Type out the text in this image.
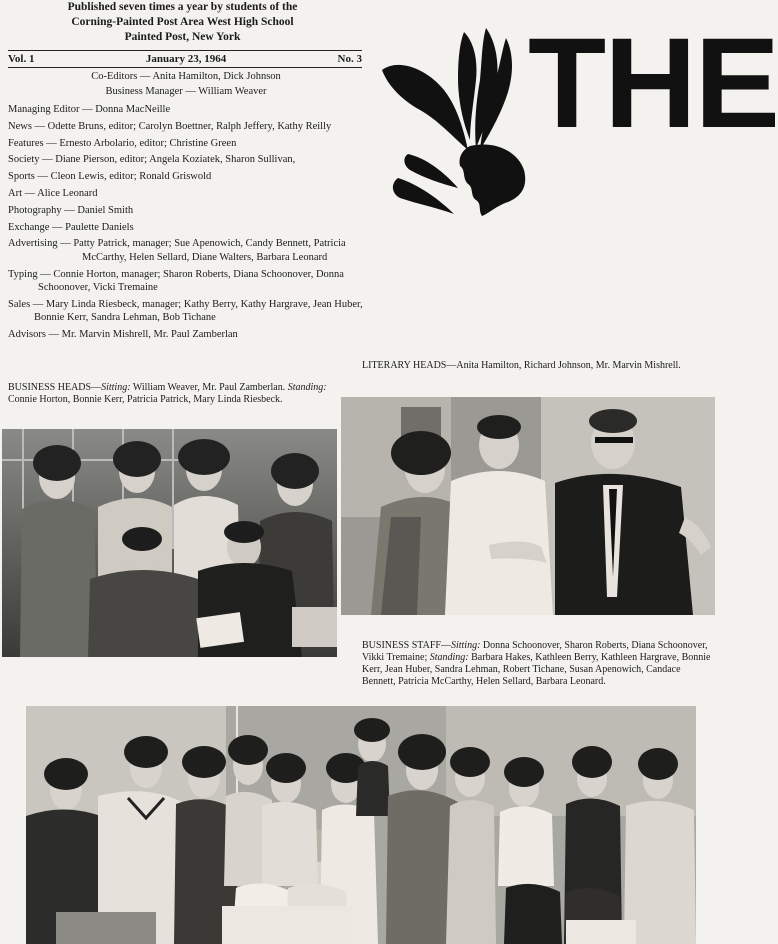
Published seven times a year by students of the
Corning-Painted Post Area West High School
Painted Post, New York
Vol. 1	January 23, 1964	No. 3

Co-Editors — Anita Hamilton, Dick Johnson

Business Manager — William Weaver

Managing Editor — Donna MacNeille

News — Odette Bruns, editor; Carolyn Boettner, Ralph Jeffery, Kathy Reilly

Features — Ernesto Arbolario, editor; Christine Green

Society — Diane Pierson, editor; Angela Koziatek, Sharon Sullivan,

Sports — Cleon Lewis, editor; Ronald Griswold

Art — Alice Leonard

Photography — Daniel Smith

Exchange — Paulette Daniels

Advertising — Patty Patrick, manager; Sue Apenowich, Candy Bennett, Patricia McCarthy, Helen Sellard, Diane Walters, Barbara Leonard

Typing — Connie Horton, manager; Sharon Roberts, Diana Schoonover, Donna Schoonover, Vicki Tremaine

Sales — Mary Linda Riesbeck, manager; Kathy Berry, Kathy Hargrave, Jean Huber, Bonnie Kerr, Sandra Lehman, Bob Tichane

Advisors — Mr. Marvin Mishrell, Mr. Paul Zamberlan

THE
BUSINESS HEADS—Sitting: William Weaver, Mr. Paul Zamberlan. Standing: Connie Horton, Bonnie Kerr, Patricia Patrick, Mary Linda Riesbeck.
LITERARY HEADS—Anita Hamilton, Richard Johnson, Mr. Marvin Mishrell.
BUSINESS STAFF—Sitting: Donna Schoonover, Sharon Roberts, Diana Schoonover, Vikki Tremaine; Standing: Barbara Hakes, Kathleen Berry, Kathleen Hargrave, Bonnie Kerr, Jean Huber, Sandra Lehman, Robert Tichane, Susan Apenowich, Candace Bennett, Patricia McCarthy, Helen Sellard, Barbara Leonard.
